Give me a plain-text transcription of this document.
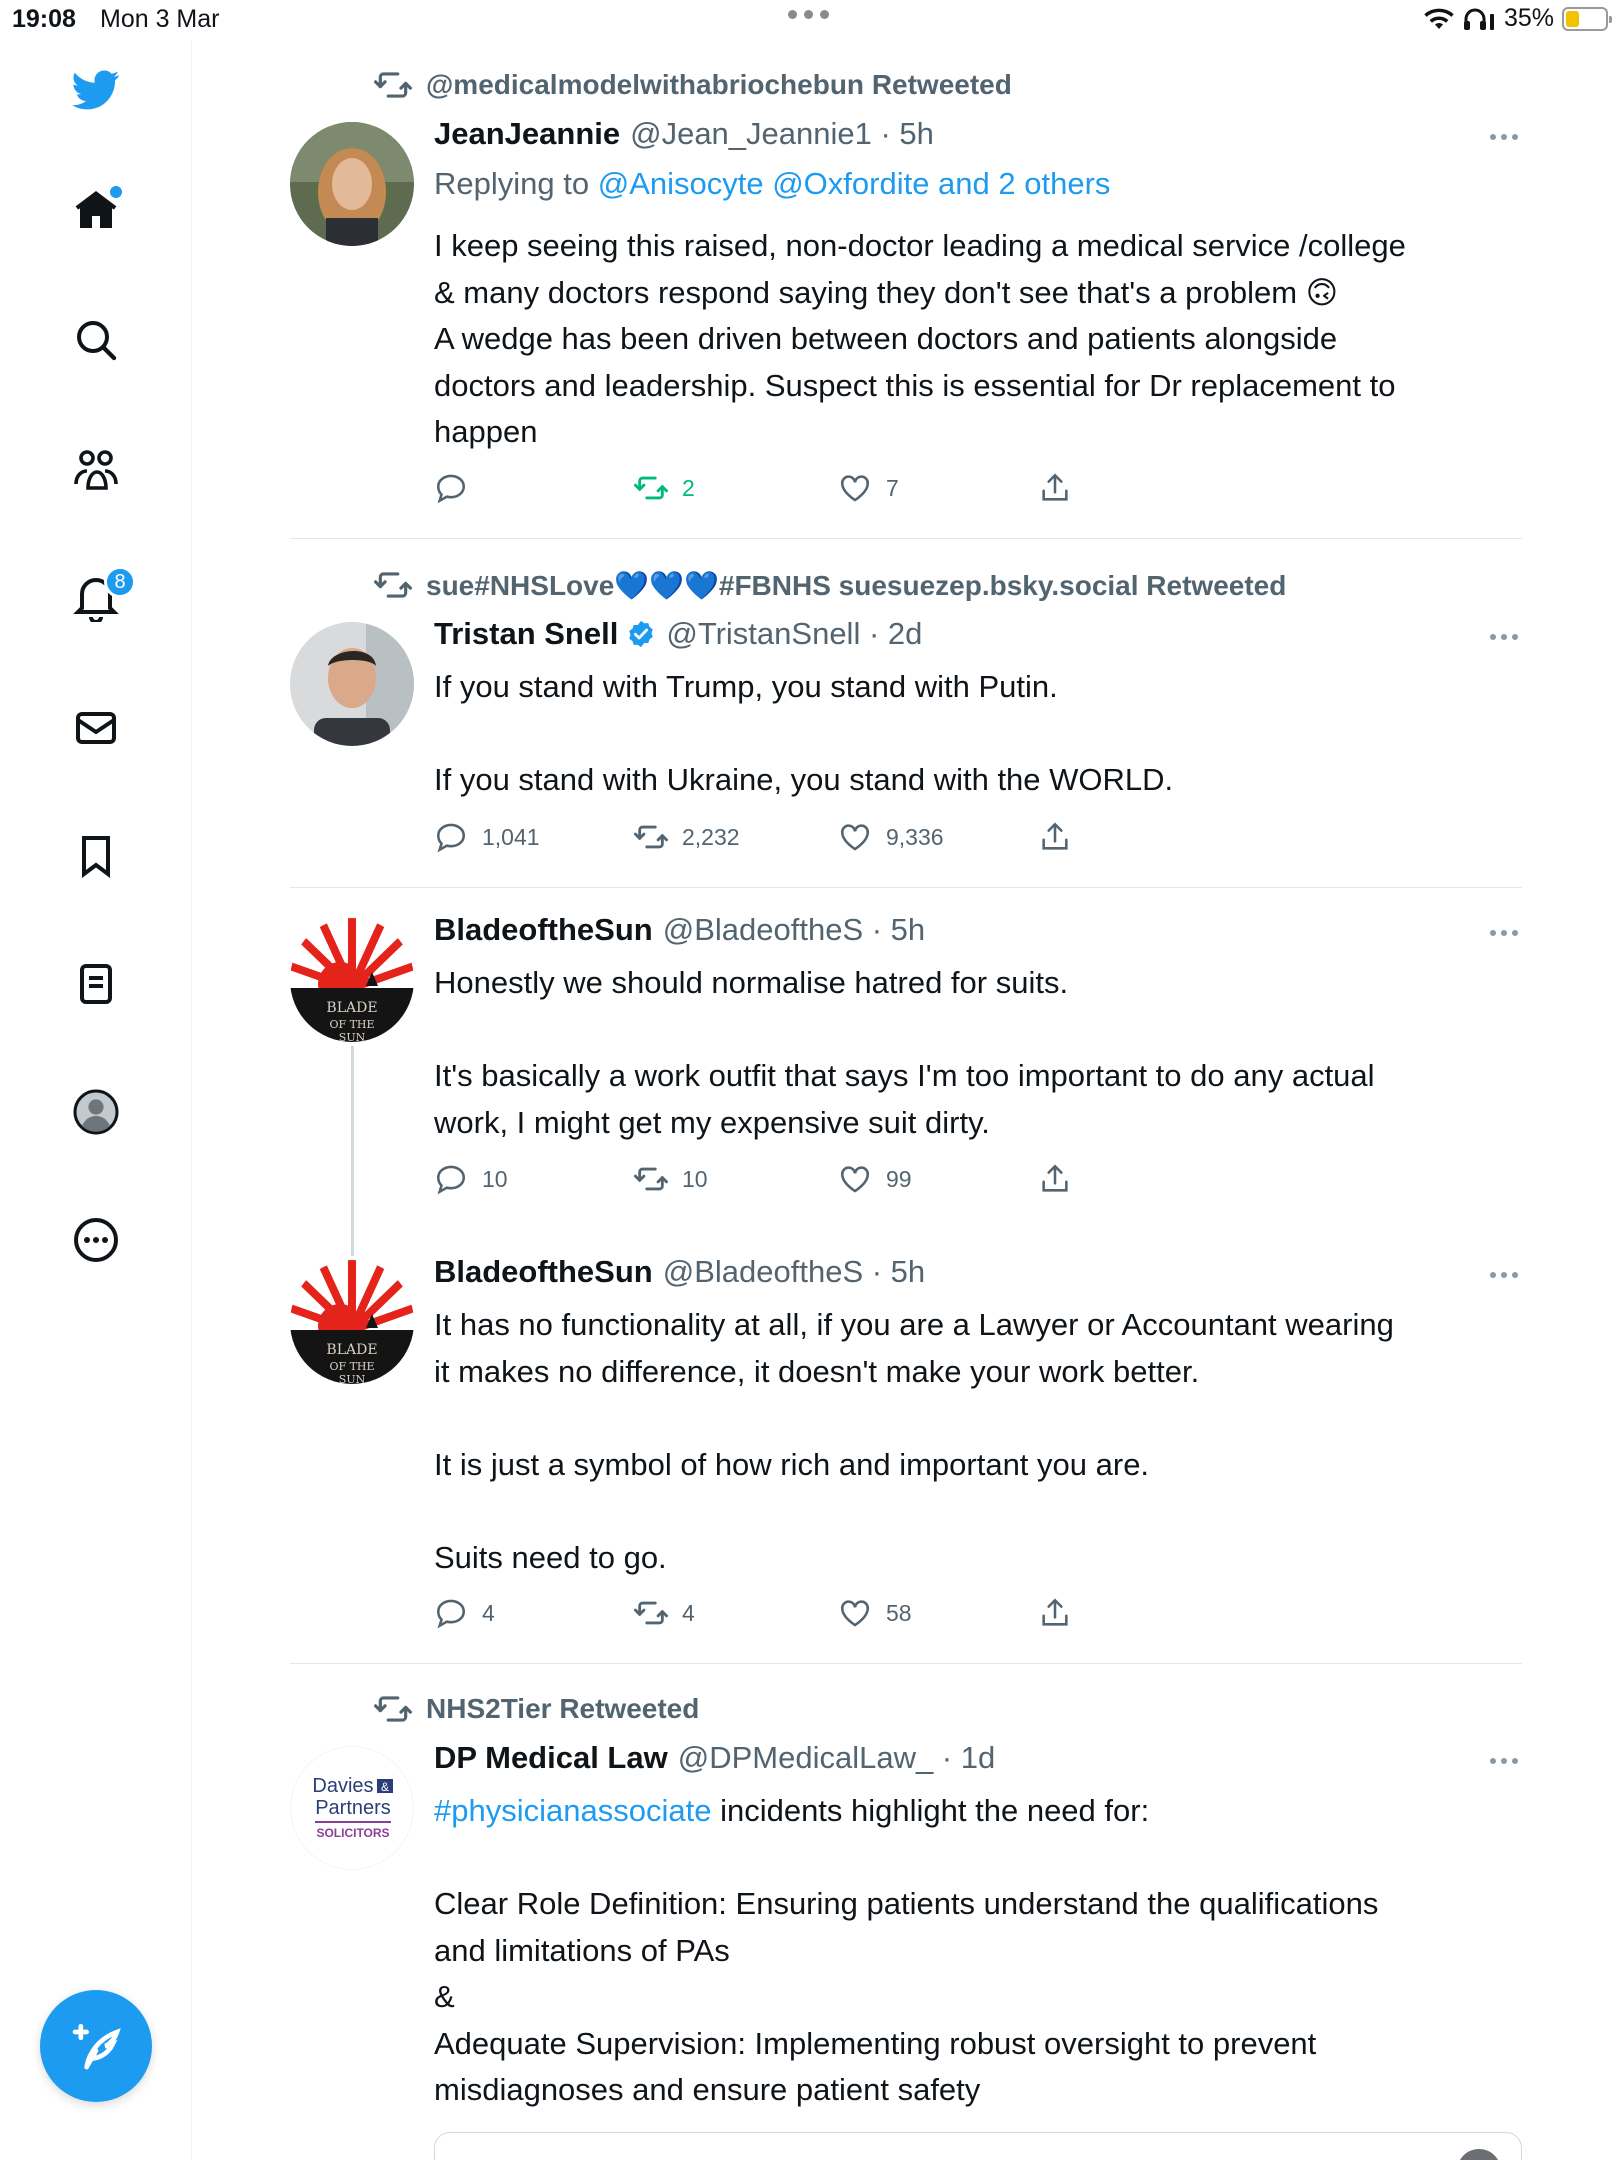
19:08 Mon 3 Mar	35%
8
@medicalmodelwithabriochebun Retweeted
JeanJeannie @Jean_Jeannie1 · 5h
Replying to @Anisocyte @Oxfordite and 2 others

I keep seeing this raised, non-doctor leading a medical service /college

& many doctors respond saying they don't see that's a problem 🙃

A wedge has been driven between doctors and patients alongside

doctors and leadership. Suspect this is essential for Dr replacement to

happen

2	7
sue#NHSLove💙💙💙#FBNHS suesuezep.bsky.social Retweeted
Tristan Snell @TristanSnell · 2d

If you stand with Trump, you stand with Putin.

If you stand with Ukraine, you stand with the WORLD.

1,041	2,232	9,336
BLADE
OF THE
SUN
BladeoftheSun @BladeoftheS · 5h

Honestly we should normalise hatred for suits.

It's basically a work outfit that says I'm too important to do any actual

work, I might get my expensive suit dirty.

10	10	99
BLADE
OF THE
SUN
BladeoftheSun @BladeoftheS · 5h

It has no functionality at all, if you are a Lawyer or Accountant wearing

it makes no difference, it doesn't make your work better.

It is just a symbol of how rich and important you are.

Suits need to go.

4	4	58
NHS2Tier Retweeted
Davies &
Partners
SOLICITORS
DP Medical Law @DPMedicalLaw_ · 1d

#physicianassociate incidents highlight the need for:

Clear Role Definition: Ensuring patients understand the qualifications

and limitations of PAs

&

Adequate Supervision: Implementing robust oversight to prevent

misdiagnoses and ensure patient safety
